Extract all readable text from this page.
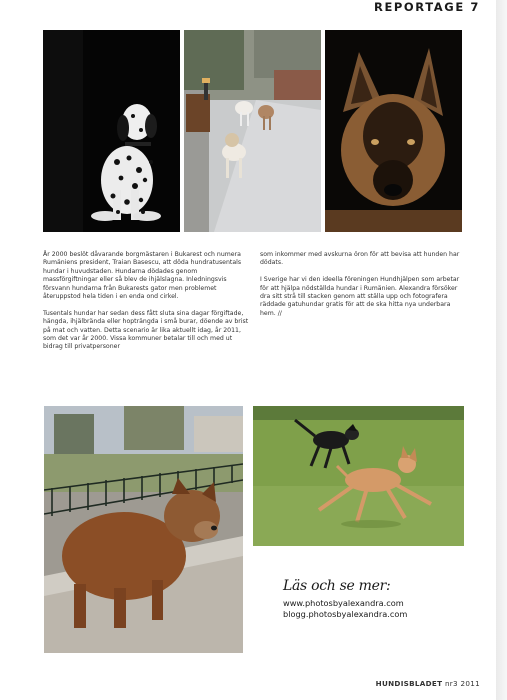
REPORTAGE 7

År 2000 beslöt dåvarande borgmästaren i Bukarest och numera Rumäniens president, Traian Basescu, att döda hundratusentals hundar i huvudstaden. Hundarna dödades genom massförgiftningar eller så blev de ihjälslagna. Inledningsvis försvann hundarna från Bukarests gator men problemet återuppstod hela tiden i en enda ond cirkel.

Tusentals hundar har sedan dess fått sluta sina dagar förgiftade, hängda, ihjälbrända eller hopträngda i små burar, döende av brist på mat och vatten. Detta scenario är lika aktuellt idag, år 2011, som det var år 2000. Vissa kommuner betalar till och med ut bidrag till privatpersoner

som inkommer med avskurna öron för att bevisa att hunden har dödats.

I Sverige har vi den ideella föreningen Hundhjälpen som arbetar för att hjälpa nödställda hundar i Rumänien. Alexandra försöker dra sitt strå till stacken genom att ställa upp och fotografera räddade gatuhundar gratis för att de ska hitta nya underbara hem. //

Läs och se mer:
www.photosbyalexandra.com
blogg.photosbyalexandra.com
HUNDISBLADET nr3 2011
